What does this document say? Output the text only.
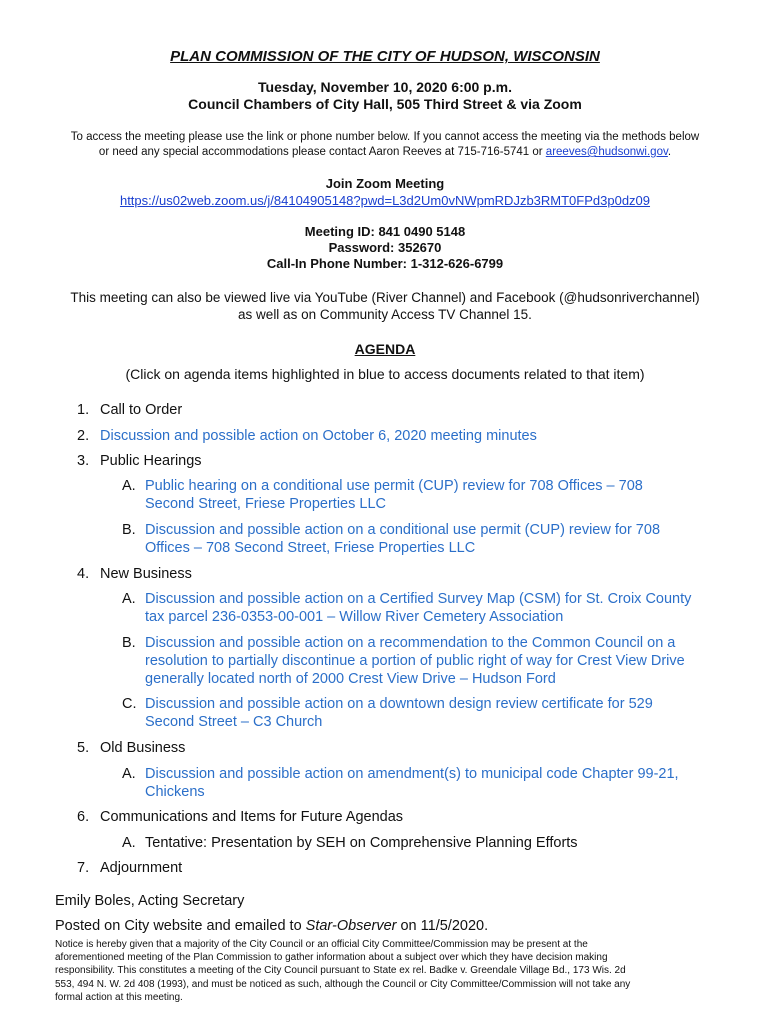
PLAN COMMISSION OF THE CITY OF HUDSON, WISCONSIN
Tuesday, November 10, 2020 6:00 p.m.
Council Chambers of City Hall, 505 Third Street & via Zoom
To access the meeting please use the link or phone number below. If you cannot access the meeting via the methods below
or need any special accommodations please contact Aaron Reeves at 715-716-5741 or areeves@hudsonwi.gov.
Join Zoom Meeting
https://us02web.zoom.us/j/84104905148?pwd=L3d2Um0vNWpmRDJzb3RMT0FPd3p0dz09
Meeting ID: 841 0490 5148
Password: 352670
Call-In Phone Number: 1-312-626-6799
This meeting can also be viewed live via YouTube (River Channel) and Facebook (@hudsonriverchannel)
as well as on Community Access TV Channel 15.
AGENDA
(Click on agenda items highlighted in blue to access documents related to that item)
1. Call to Order
2. Discussion and possible action on October 6, 2020 meeting minutes
3. Public Hearings
A. Public hearing on a conditional use permit (CUP) review for 708 Offices – 708
Second Street, Friese Properties LLC
B. Discussion and possible action on a conditional use permit (CUP) review for 708
Offices – 708 Second Street, Friese Properties LLC
4. New Business
A. Discussion and possible action on a Certified Survey Map (CSM) for St. Croix County
tax parcel 236-0353-00-001 – Willow River Cemetery Association
B. Discussion and possible action on a recommendation to the Common Council on a
resolution to partially discontinue a portion of public right of way for Crest View Drive
generally located north of 2000 Crest View Drive – Hudson Ford
C. Discussion and possible action on a downtown design review certificate for 529
Second Street – C3 Church
5. Old Business
A. Discussion and possible action on amendment(s) to municipal code Chapter 99-21,
Chickens
6. Communications and Items for Future Agendas
A. Tentative: Presentation by SEH on Comprehensive Planning Efforts
7. Adjournment
Emily Boles, Acting Secretary
Posted on City website and emailed to Star-Observer on 11/5/2020.
Notice is hereby given that a majority of the City Council or an official City Committee/Commission may be present at the
aforementioned meeting of the Plan Commission to gather information about a subject over which they have decision making
responsibility. This constitutes a meeting of the City Council pursuant to State ex rel. Badke v. Greendale Village Bd., 173 Wis. 2d
553, 494 N. W. 2d 408 (1993), and must be noticed as such, although the Council or City Committee/Commission will not take any
formal action at this meeting.
